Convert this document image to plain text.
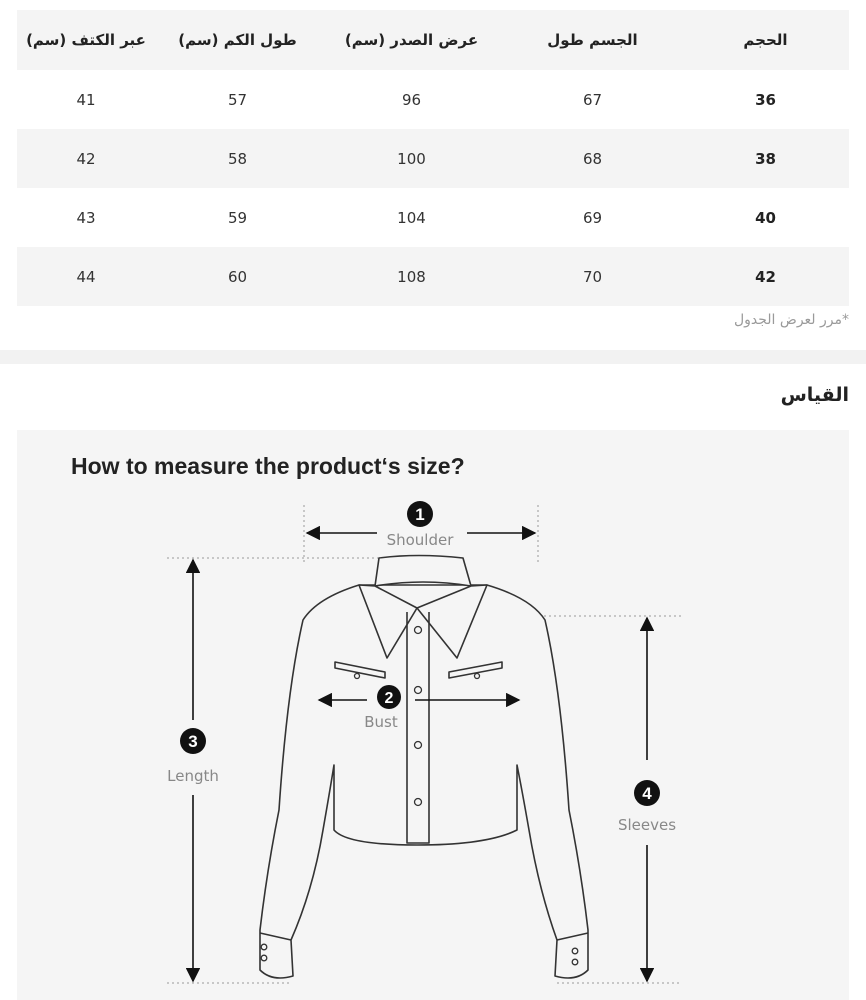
الحجم
الجسم طول
عرض الصدر (سم)
طول الكم (سم)
عبر الكتف (سم)
36
67
96
57
41
38
68
100
58
42
40
69
104
59
43
42
70
108
60
44
*مرر لعرض الجدول
القياس
How to measure the product‘s size?
1
Shoulder
2
Bust
3
Length
4
Sleeves
